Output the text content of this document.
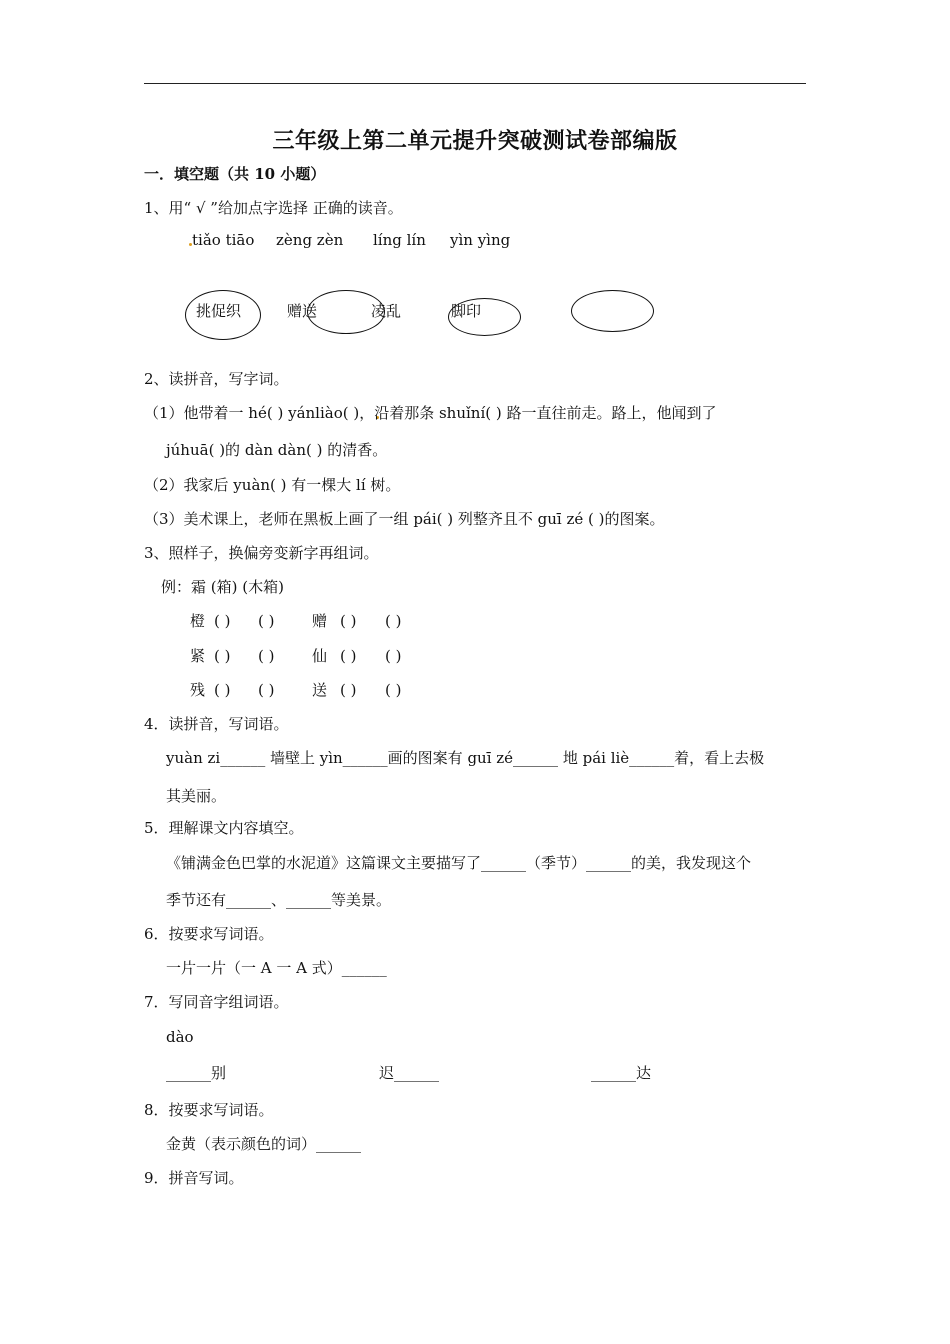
三年级上第二单元提升突破测试卷部编版
一．填空题（共 10 小题）
1、用“ √ ”给加点字选择 正确的读音。
tiǎo tiāo zèng zèn líng lín yìn yìng
挑促织	赠送	凌乱	脚印
2、读拼音，写字词。
（1）他带着一 hé( ) yánliào( )，沿着那条 shuǐní( ) 路一直往前走。路上，他闻到了
júhuā( )的 dàn dàn( ) 的清香。
（2）我家后 yuàn( ) 有一棵大 lí 树。
（3）美术课上，老师在黑板上画了一组 pái( ) 列整齐且不 guī zé ( )的图案。
3、照样子，换偏旁变新字再组词。
例：霜 (箱) (木箱)
橙 ( ) ( )	赠 ( ) ( )
紧 ( ) ( )	仙 ( ) ( )
残 ( ) ( )	送 ( ) ( )
4．读拼音，写词语。
yuàn zi______ 墙壁上 yìn______画的图案有 guī zé______ 地 pái liè______着，看上去极
其美丽。
5．理解课文内容填空。
《铺满金色巴掌的水泥道》这篇课文主要描写了______（季节）______的美，我发现这个
季节还有______、______等美景。
6．按要求写词语。
一片一片（一 A 一 A 式）______
7．写同音字组词语。
dào
______别	迟______	______达
8．按要求写词语。
金黄（表示颜色的词）______
9．拼音写词。
